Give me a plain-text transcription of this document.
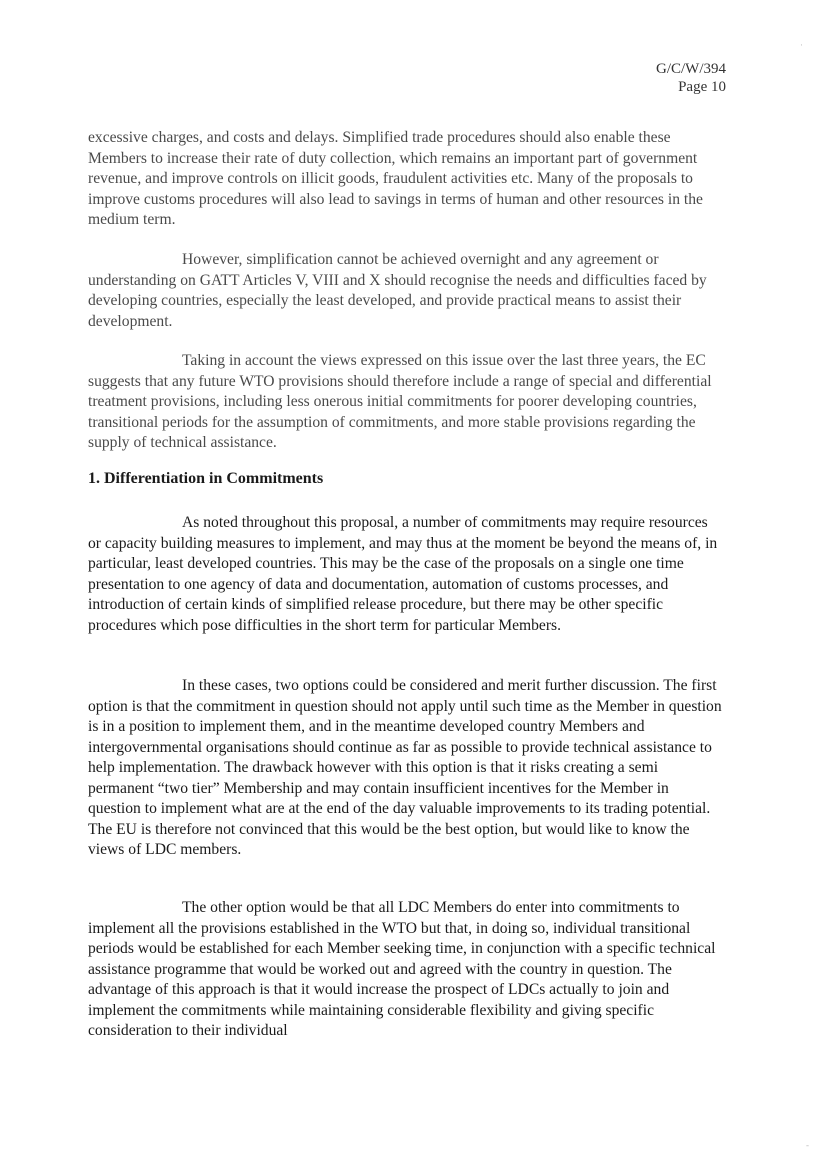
G/C/W/394
Page 10

excessive charges, and costs and delays. Simplified trade procedures should also enable these Members to increase their rate of duty collection, which remains an important part of government revenue, and improve controls on illicit goods, fraudulent activities etc. Many of the proposals to improve customs procedures will also lead to savings in terms of human and other resources in the medium term.

However, simplification cannot be achieved overnight and any agreement or understanding on GATT Articles V, VIII and X should recognise the needs and difficulties faced by developing countries, especially the least developed, and provide practical means to assist their development.

Taking in account the views expressed on this issue over the last three years, the EC suggests that any future WTO provisions should therefore include a range of special and differential treatment provisions, including less onerous initial commitments for poorer developing countries, transitional periods for the assumption of commitments, and more stable provisions regarding the supply of technical assistance.

1. Differentiation in Commitments

As noted throughout this proposal, a number of commitments may require resources or capacity building measures to implement, and may thus at the moment be beyond the means of, in particular, least developed countries. This may be the case of the proposals on a single one time presentation to one agency of data and documentation, automation of customs processes, and introduction of certain kinds of simplified release procedure, but there may be other specific procedures which pose difficulties in the short term for particular Members.

In these cases, two options could be considered and merit further discussion. The first option is that the commitment in question should not apply until such time as the Member in question is in a position to implement them, and in the meantime developed country Members and intergovernmental organisations should continue as far as possible to provide technical assistance to help implementation. The drawback however with this option is that it risks creating a semi permanent “two tier” Membership and may contain insufficient incentives for the Member in question to implement what are at the end of the day valuable improvements to its trading potential. The EU is therefore not convinced that this would be the best option, but would like to know the views of LDC members.

The other option would be that all LDC Members do enter into commitments to implement all the provisions established in the WTO but that, in doing so, individual transitional periods would be established for each Member seeking time, in conjunction with a specific technical assistance programme that would be worked out and agreed with the country in question. The advantage of this approach is that it would increase the prospect of LDCs actually to join and implement the commitments while maintaining considerable flexibility and giving specific consideration to their individual

·
-
